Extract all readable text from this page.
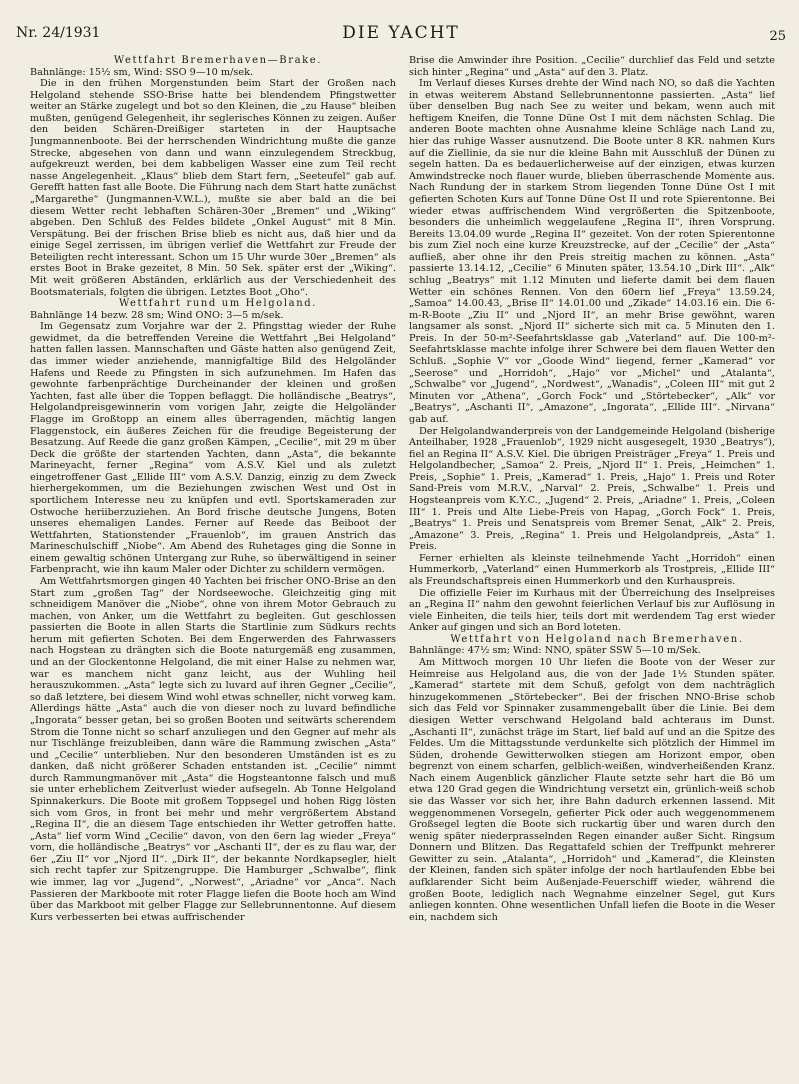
Nr. 24/1931	DIE YACHT	25

Wettfahrt Bremerhaven—Brake.

Bahnlänge: 15½ sm, Wind: SSO 9—10 m/sek.

Die in den frühen Morgenstunden beim Start der Großen nach Helgoland stehende SSO-Brise hatte bei blendendem Pfingstwetter weiter an Stärke zugelegt und bot so den Kleinen, die „zu Hause“ bleiben mußten, genügend Gelegenheit, ihr seglerisches Können zu zeigen. Außer den beiden Schären-Dreißiger starteten in der Hauptsache Jungmannenboote. Bei der herrschenden Windrichtung mußte die ganze Strecke, abgesehen von dann und wann einzulegendem Streckbug, aufgekreuzt werden, bei dem kabbeligen Wasser eine zum Teil recht nasse Angelegenheit. „Klaus“ blieb dem Start fern, „Seeteufel“ gab auf. Gerefft hatten fast alle Boote. Die Führung nach dem Start hatte zunächst „Margarethe“ (Jungmannen-V.W.L.), mußte sie aber bald an die bei diesem Wetter recht lebhaften Schären-30er „Bremen“ und „Wiking“ abgeben. Den Schluß des Feldes bildete „Onkel August“ mit 8 Min. Verspätung. Bei der frischen Brise blieb es nicht aus, daß hier und da einige Segel zerrissen, im übrigen verlief die Wettfahrt zur Freude der Beteiligten recht interessant. Schon um 15 Uhr wurde 30er „Bremen“ als erstes Boot in Brake gezeitet, 8 Min. 50 Sek. später erst der „Wiking“. Mit weit größeren Abständen, erklärlich aus der Verschiedenheit des Bootsmaterials, folgten die übrigen. Letztes Boot „Oho“.

Wettfahrt rund um Helgoland.

Bahnlänge 14 bezw. 28 sm; Wind ONO: 3—5 m/sek.

Im Gegensatz zum Vorjahre war der 2. Pfingsttag wieder der Ruhe gewidmet, da die betreffenden Vereine die Wettfahrt „Bei Helgoland“ hatten fallen lassen. Mannschaften und Gäste hatten also genügend Zeit, das immer wieder anziehende, mannigfaltige Bild des Helgoländer Hafens und Reede zu Pfingsten in sich aufzunehmen. Im Hafen das gewohnte farbenprächtige Durcheinander der kleinen und großen Yachten, fast alle über die Toppen beflaggt. Die holländische „Beatrys“, Helgolandpreisgewinnerin vom vorigen Jahr, zeigte die Helgoländer Flagge im Großtopp an einem alles überragenden, mächtig langen Flaggenstock, ein äußeres Zeichen für die freudige Begeisterung der Besatzung. Auf Reede die ganz großen Kämpen, „Cecilie“, mit 29 m über Deck die größte der startenden Yachten, dann „Asta“, die bekannte Marineyacht, ferner „Regina“ vom A.S.V. Kiel und als zuletzt eingetroffener Gast „Ellide III“ vom A.S.V. Danzig, einzig zu dem Zweck hierhergekommen, um die Beziehungen zwischen West und Ost in sportlichem Interesse neu zu knüpfen und evtl. Sportskameraden zur Ostwoche heriiberzuziehen. An Bord frische deutsche Jungens, Boten unseres ehemaligen Landes. Ferner auf Reede das Beiboot der Wettfahrten, Stationstender „Frauenlob“, im grauen Anstrich das Marineschulschiff „Niobe“. Am Abend des Ruhetages ging die Sonne in einem gewaltig schönen Untergang zur Ruhe, so überwältigend in seiner Farbenpracht, wie ihn kaum Maler oder Dichter zu schildern vermögen.

Am Wettfahrtsmorgen gingen 40 Yachten bei frischer ONO-Brise an den Start zum „großen Tag“ der Nordseewoche. Gleichzeitig ging mit schneidigem Manöver die „Niobe“, ohne von ihrem Motor Gebrauch zu machen, von Anker, um die Wettfahrt zu begleiten. Gut geschlossen passierten die Boote in allen Starts die Startlinie zum Südkurs rechts herum mit gefierten Schoten. Bei dem Engerwerden des Fahrwassers nach Hogstean zu drängten sich die Boote naturgemäß eng zusammen, und an der Glockentonne Helgoland, die mit einer Halse zu nehmen war, war es manchem nicht ganz leicht, aus der Wuhling heil herauszukommen. „Asta“ legte sich zu luvard auf ihren Gegner „Cecilie“, so daß letztere, bei diesem Wind wohl etwas schneller, nicht vorweg kam. Allerdings hätte „Asta“ auch die von dieser noch zu luvard befindliche „Ingorata“ besser getan, bei so großen Booten und seitwärts scherendem Strom die Tonne nicht so scharf anzuliegen und den Gegner auf mehr als nur Tischlänge freizubleiben, dann wäre die Rammung zwischen „Asta“ und „Cecilie“ unterblieben. Nur den besonderen Umständen ist es zu danken, daß nicht größerer Schaden entstanden ist. „Cecilie“ nimmt durch Rammungmanöver mit „Asta“ die Hogsteantonne falsch und muß sie unter erheblichem Zeitverlust wieder aufsegeln. Ab Tonne Helgoland Spinnakerkurs. Die Boote mit großem Toppsegel und hohen Rigg lösten sich vom Gros, in front bei mehr und mehr vergrößertem Abstand „Regina II“, die an diesem Tage entschieden ihr Wetter getroffen hatte. „Asta“ lief vorm Wind „Cecilie“ davon, von den 6ern lag wieder „Freya“ vorn, die holländische „Beatrys“ vor „Aschanti II“, der es zu flau war, der 6er „Ziu II“ vor „Njord II“. „Dirk II“, der bekannte Nordkapsegler, hielt sich recht tapfer zur Spitzengruppe. Die Hamburger „Schwalbe“, flink wie immer, lag vor „Jugend“, „Norwest“, „Ariadne“ vor „Anca“. Nach Passieren der Markboote mit roter Flagge liefen die Boote hoch am Wind über das Markboot mit gelber Flagge zur Sellebrunnentonne. Auf diesem Kurs verbesserten bei etwas auffrischender

Brise die Amwinder ihre Position. „Cecilie“ durchlief das Feld und setzte sich hinter „Regina“ und „Asta“ auf den 3. Platz.

Im Verlauf dieses Kurses drehte der Wind nach NO, so daß die Yachten in etwas weiterem Abstand Sellebrunnentonne passierten. „Asta“ lief über denselben Bug nach See zu weiter und bekam, wenn auch mit heftigem Kneifen, die Tonne Düne Ost I mit dem nächsten Schlag. Die anderen Boote machten ohne Ausnahme kleine Schläge nach Land zu, hier das ruhige Wasser ausnutzend. Die Boote unter 8 KR. nahmen Kurs auf die Ziellinie, da sie nur die kleine Bahn mit Ausschluß der Dünen zu segeln hatten. Da es bedauerlicherweise auf der einzigen, etwas kurzen Amwindstrecke noch flauer wurde, blieben überraschende Momente aus. Nach Rundung der in starkem Strom liegenden Tonne Düne Ost I mit gefierten Schoten Kurs auf Tonne Düne Ost II und rote Spierentonne. Bei wieder etwas auffrischendem Wind vergrößerten die Spitzenboote, besonders die unheimlich weggelaufene „Regina II“, ihren Vorsprung. Bereits 13.04.09 wurde „Regina II“ gezeitet. Von der roten Spierentonne bis zum Ziel noch eine kurze Kreuzstrecke, auf der „Cecilie“ der „Asta“ aufließ, aber ohne ihr den Preis streitig machen zu können. „Asta“ passierte 13.14.12, „Cecilie“ 6 Minuten später, 13.54.10 „Dirk III“. „Alk“ schlug „Beatrys“ mit 1.12 Minuten und lieferte damit bei dem flauen Wetter ein schönes Rennen. Von den 60ern lief „Freya“ 13.59.24, „Samoa“ 14.00.43, „Brise II“ 14.01.00 und „Zikade“ 14.03.16 ein. Die 6-m-R-Boote „Ziu II“ und „Njord II“, an mehr Brise gewöhnt, waren langsamer als sonst. „Njord II“ sicherte sich mit ca. 5 Minuten den 1. Preis. In der 50-m²-Seefahrtsklasse gab „Vaterland“ auf. Die 100-m²-Seefahrtsklasse machte infolge ihrer Schwere bei dem flauen Wetter den Schluß. „Sophie V“ vor „Goode Wind“ liegend, ferner „Kamerad“ vor „Seerose“ und „Horridoh“, „Hajo“ vor „Michel“ und „Atalanta“, „Schwalbe“ vor „Jugend“, „Nordwest“, „Wanadis“, „Coleen III“ mit gut 2 Minuten vor „Athena“, „Gorch Fock“ und „Störtebecker“, „Alk“ vor „Beatrys“, „Aschanti II“, „Amazone“, „Ingorata“, „Ellide III“. „Nirvana“ gab auf.

Der Helgolandwanderpreis von der Landgemeinde Helgoland (bisherige Anteilhaber, 1928 „Frauenlob“, 1929 nicht ausgesegelt, 1930 „Beatrys“), fiel an Regina II“ A.S.V. Kiel. Die übrigen Preisträger „Freya“ 1. Preis und Helgolandbecher, „Samoa“ 2. Preis, „Njord II“ 1. Preis, „Heimchen“ 1. Preis, „Sophie“ 1. Preis, „Kamerad“ 1. Preis, „Hajo“ 1. Preis und Roter Sand-Preis vom M.R.V., „Narval“ 2. Preis, „Schwalbe“ 1. Preis und Hogsteanpreis vom K.Y.C., „Jugend“ 2. Preis, „Ariadne“ 1. Preis, „Coleen III“ 1. Preis und Alte Liebe-Preis von Hapag, „Gorch Fock“ 1. Preis, „Beatrys“ 1. Preis und Senatspreis vom Bremer Senat, „Alk“ 2. Preis, „Amazone“ 3. Preis, „Regina“ 1. Preis und Helgolandpreis, „Asta“ 1. Preis.

Ferner erhielten als kleinste teilnehmende Yacht „Horridoh“ einen Hummerkorb, „Vaterland“ einen Hummerkorb als Trostpreis, „Ellide III“ als Freundschaftspreis einen Hummerkorb und den Kurhauspreis.

Die offizielle Feier im Kurhaus mit der Überreichung des Inselpreises an „Regina II“ nahm den gewohnt feierlichen Verlauf bis zur Auflösung in viele Einheiten, die teils hier, teils dort mit werdendem Tag erst wieder Anker auf gingen und sich an Bord loteten.

Wettfahrt von Helgoland nach Bremerhaven.

Bahnlänge: 47½ sm; Wind: NNO, später SSW 5—10 m/Sek.

Am Mittwoch morgen 10 Uhr liefen die Boote von der Weser zur Heimreise aus Helgoland aus, die von der Jade 1½ Stunden später. „Kamerad“ startete mit dem Schuß, gefolgt von dem nachträglich hinzugekommenen „Störtebecker“. Bei der frischen NNO-Brise schob sich das Feld vor Spinnaker zusammengeballt über die Linie. Bei dem diesigen Wetter verschwand Helgoland bald achteraus im Dunst. „Aschanti II“, zunächst träge im Start, lief bald auf und an die Spitze des Feldes. Um die Mittagsstunde verdunkelte sich plötzlich der Himmel im Süden, drohende Gewitterwolken stiegen am Horizont empor, oben begrenzt von einem scharfen, gelblich-weißen, windverheißenden Kranz. Nach einem Augenblick gänzlicher Flaute setzte sehr hart die Bö um etwa 120 Grad gegen die Windrichtung versetzt ein, grünlich-weiß schob sie das Wasser vor sich her, ihre Bahn dadurch erkennen lassend. Mit weggenommenen Vorsegeln, gefierter Pick oder auch weggenommenem Großsegel legten die Boote sich ruckartig über und waren durch den wenig später niederprasselnden Regen einander außer Sicht. Ringsum Donnern und Blitzen. Das Regattafeld schien der Treffpunkt mehrerer Gewitter zu sein. „Atalanta“, „Horridoh“ und „Kamerad“, die Kleinsten der Kleinen, fanden sich später infolge der noch hartlaufenden Ebbe bei aufklarender Sicht beim Außenjade-Feuerschiff wieder, während die großen Boote, lediglich nach Wegnahme einzelner Segel, gut Kurs anliegen konnten. Ohne wesentlichen Unfall liefen die Boote in die Weser ein, nachdem sich
